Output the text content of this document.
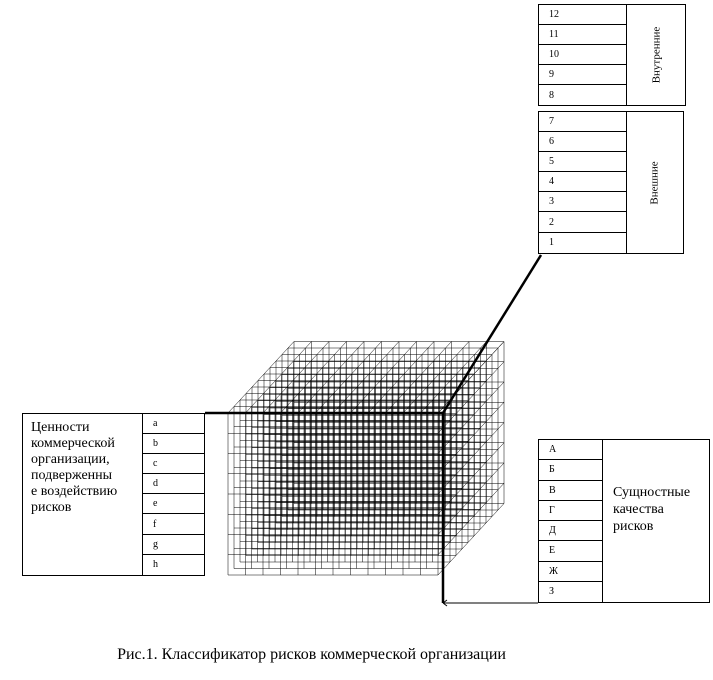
12
11
10
9
8
Внутренние
7
6
5
4
3
2
1
Внешние
Ценности
коммерческой
организации,
подверженны
е воздействию
рисков
a
b
c
d
e
f
g
h
А
Б
В
Г
Д
Е
Ж
З
Сущностные
качества
рисков
Рис.1. Классификатор рисков коммерческой организации
